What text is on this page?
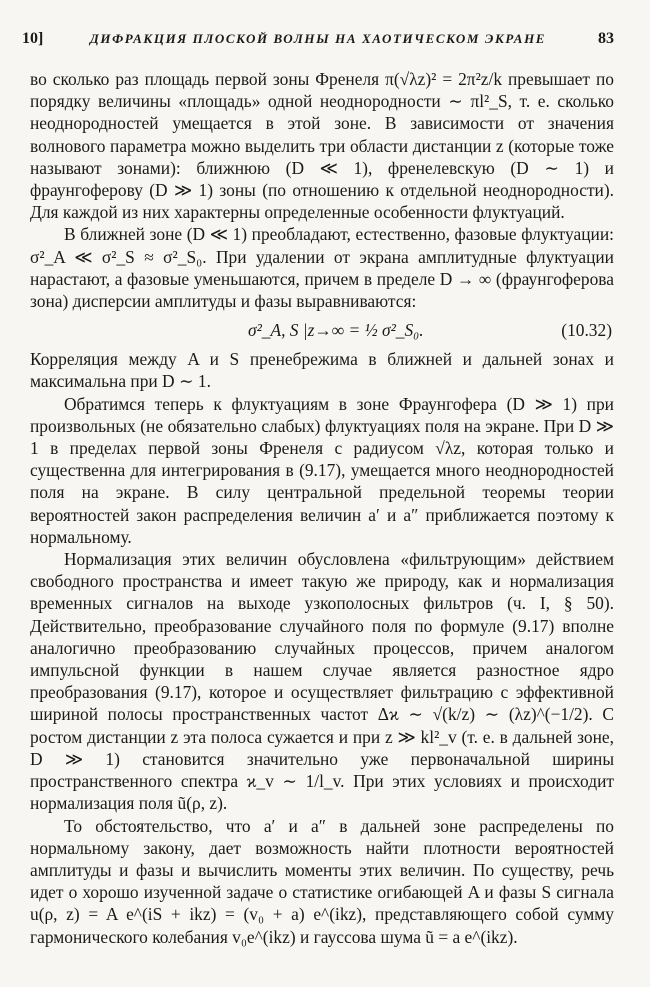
10]	ДИФРАКЦИЯ ПЛОСКОЙ ВОЛНЫ НА ХАОТИЧЕСКОМ ЭКРАНЕ	83

во сколько раз площадь первой зоны Френеля π(√λz)² = 2π²z/k превышает по порядку величины «площадь» одной неоднородности ∼ πl²_S, т. е. сколько неоднородностей умещается в этой зоне. В зависимости от значения волнового параметра можно выделить три области дистанции z (которые тоже называют зонами): ближнюю (D ≪ 1), френелевскую (D ∼ 1) и фраунгоферову (D ≫ 1) зоны (по отношению к отдельной неоднородности). Для каждой из них характерны определенные особенности флуктуаций.

В ближней зоне (D ≪ 1) преобладают, естественно, фазовые флуктуации: σ²_A ≪ σ²_S ≈ σ²_S₀. При удалении от экрана амплитудные флуктуации нарастают, а фазовые уменьшаются, причем в пределе D → ∞ (фраунгоферова зона) дисперсии амплитуды и фазы выравниваются:

σ²_A, S |z→∞ = ½ σ²_S₀.	(10.32)

Корреляция между A и S пренебрежима в ближней и дальней зонах и максимальна при D ∼ 1.

Обратимся теперь к флуктуациям в зоне Фраунгофера (D ≫ 1) при произвольных (не обязательно слабых) флуктуациях поля на экране. При D ≫ 1 в пределах первой зоны Френеля с радиусом √λz, которая только и существенна для интегрирования в (9.17), умещается много неоднородностей поля на экране. В силу центральной предельной теоремы теории вероятностей закон распределения величин a′ и a″ приближается поэтому к нормальному.

Нормализация этих величин обусловлена «фильтрующим» действием свободного пространства и имеет такую же природу, как и нормализация временных сигналов на выходе узкополосных фильтров (ч. I, § 50). Действительно, преобразование случайного поля по формуле (9.17) вполне аналогично преобразованию случайных процессов, причем аналогом импульсной функции в нашем случае является разностное ядро преобразования (9.17), которое и осуществляет фильтрацию с эффективной шириной полосы пространственных частот Δϰ ∼ √(k/z) ∼ (λz)^(−1/2). С ростом дистанции z эта полоса сужается и при z ≫ kl²_v (т. е. в дальней зоне, D ≫ 1) становится значительно уже первоначальной ширины пространственного спектра ϰ_v ∼ 1/l_v. При этих условиях и происходит нормализация поля ũ(ρ, z).

То обстоятельство, что a′ и a″ в дальней зоне распределены по нормальному закону, дает возможность найти плотности вероятностей амплитуды и фазы и вычислить моменты этих величин. По существу, речь идет о хорошо изученной задаче о статистике огибающей A и фазы S сигнала u(ρ, z) = A e^(iS + ikz) = (v₀ + a) e^(ikz), представляющего собой сумму гармонического колебания v₀e^(ikz) и гауссова шума ũ = a e^(ikz).
